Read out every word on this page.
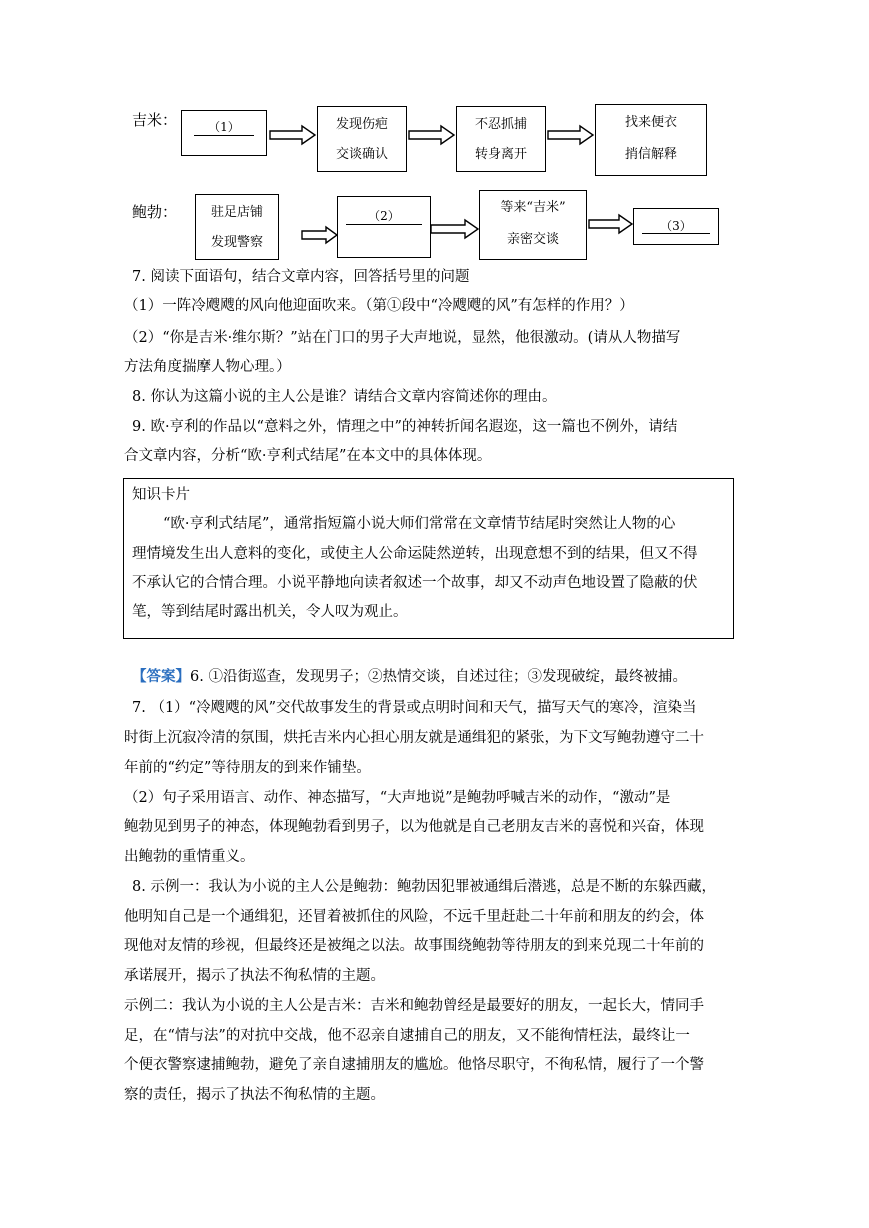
吉米：	（1）	发现伤疤
交谈确认
不忍抓捕
转身离开
找来便衣
捎信解释
鲍勃：	驻足店铺
发现警察
（2）
等来“吉米”
亲密交谈
（3）
7. 阅读下面语句，结合文章内容，回答括号里的问题
（1）一阵冷飕飕的风向他迎面吹来。（第①段中“冷飕飕的风”有怎样的作用？）
（2）“你是吉米·维尔斯？”站在门口的男子大声地说，显然，他很激动。(请从人物描写
方法角度揣摩人物心理。）
8. 你认为这篇小说的主人公是谁？请结合文章内容简述你的理由。
9. 欧·亨利的作品以“意料之外，情理之中”的神转折闻名遐迩，这一篇也不例外，请结
合文章内容，分析“欧·亨利式结尾”在本文中的具体体现。
知识卡片
“欧·亨利式结尾”，通常指短篇小说大师们常常在文章情节结尾时突然让人物的心
理情境发生出人意料的变化，或使主人公命运陡然逆转，出现意想不到的结果，但又不得
不承认它的合情合理。小说平静地向读者叙述一个故事，却又不动声色地设置了隐蔽的伏
笔，等到结尾时露出机关，令人叹为观止。
【答案】6. ①沿街巡查，发现男子；②热情交谈，自述过往；③发现破绽，最终被捕。
7. （1）“冷飕飕的风”交代故事发生的背景或点明时间和天气，描写天气的寒冷，渲染当
时街上沉寂冷清的氛围，烘托吉米内心担心朋友就是通缉犯的紧张，为下文写鲍勃遵守二十
年前的“约定”等待朋友的到来作铺垫。
（2）句子采用语言、动作、神态描写，“大声地说”是鲍勃呼喊吉米的动作，“激动”是
鲍勃见到男子的神态，体现鲍勃看到男子，以为他就是自己老朋友吉米的喜悦和兴奋，体现
出鲍勃的重情重义。
8. 示例一：我认为小说的主人公是鲍勃：鲍勃因犯罪被通缉后潜逃，总是不断的东躲西藏，
他明知自己是一个通缉犯，还冒着被抓住的风险，不远千里赶赴二十年前和朋友的约会，体
现他对友情的珍视，但最终还是被绳之以法。故事围绕鲍勃等待朋友的到来兑现二十年前的
承诺展开，揭示了执法不徇私情的主题。
示例二：我认为小说的主人公是吉米：吉米和鲍勃曾经是最要好的朋友，一起长大，情同手
足，在“情与法”的对抗中交战，他不忍亲自逮捕自己的朋友，又不能徇情枉法，最终让一
个便衣警察逮捕鲍勃，避免了亲自逮捕朋友的尴尬。他恪尽职守，不徇私情，履行了一个警
察的责任，揭示了执法不徇私情的主题。
